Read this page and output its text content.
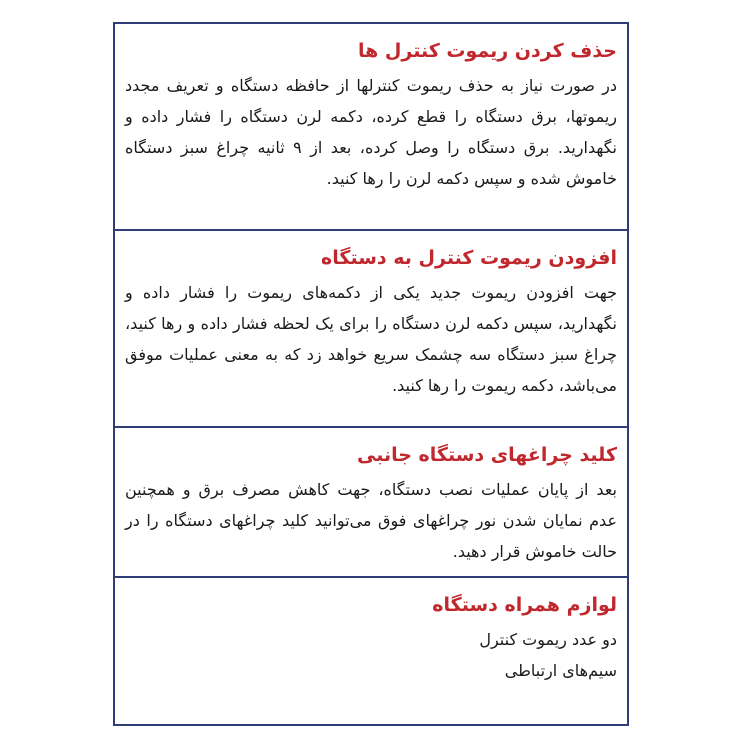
حذف کردن ریموت کنترل ها

در صورت نیاز به حذف ریموت کنترلها از حافظه دستگاه و تعریف مجدد ریموتها، برق دستگاه را قطع کرده، دکمه لرن دستگاه را فشار داده و نگهدارید. برق دستگاه را وصل کرده، بعد از ۹ ثانیه چراغ سبز دستگاه خاموش شده و سپس دکمه لرن را رها کنید.

افزودن ریموت کنترل به دستگاه

جهت افزودن ریموت جدید یکی از دکمه‌های ریموت را فشار داده و نگهدارید، سپس دکمه لرن دستگاه را برای یک لحظه فشار داده و رها کنید، چراغ سبز دستگاه سه چشمک سریع خواهد زد که به معنی عملیات موفق می‌باشد، دکمه ریموت را رها کنید.

کلید چراغهای دستگاه جانبی

بعد از پایان عملیات نصب دستگاه، جهت کاهش مصرف برق و همچنین عدم نمایان شدن نور چراغهای فوق می‌توانید کلید چراغهای دستگاه را در حالت خاموش قرار دهید.

لوازم همراه دستگاه

دو عدد ریموت کنترل

سیم‌های ارتباطی
